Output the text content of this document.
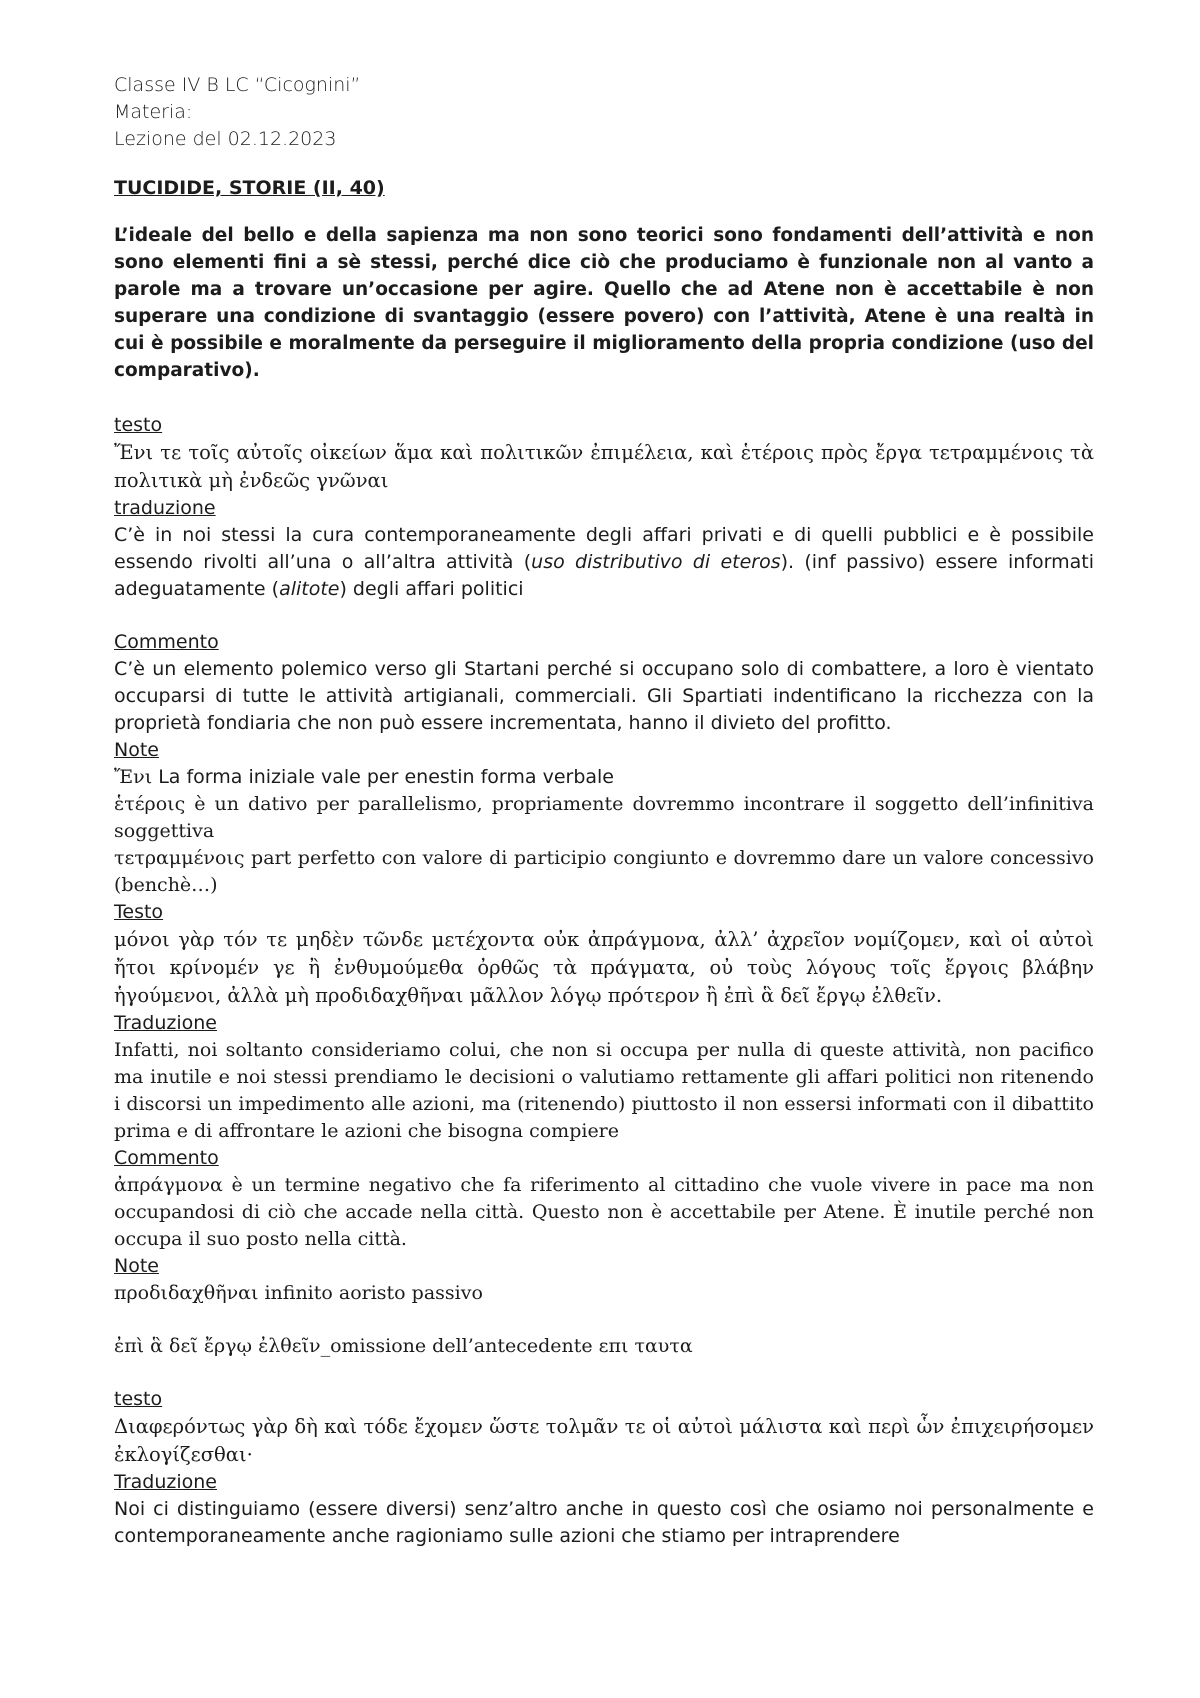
Classe IV B LC “Cicognini”

Materia:

Lezione del 02.12.2023

TUCIDIDE, STORIE (II, 40)

L’ideale del bello e della sapienza ma non sono teorici sono fondamenti dell’attività e non sono elementi fini a sè stessi, perché dice ciò che produciamo è funzionale non al vanto a parole ma a trovare un’occasione per agire. Quello che ad Atene non è accettabile è non superare una condizione di svantaggio (essere povero) con l’attività, Atene è una realtà in cui è possibile e moralmente da perseguire il miglioramento della propria condizione (uso del comparativo).

testo

Ἔνι τε τοῖς αὐτοῖς οἰκείων ἅμα καὶ πολιτικῶν ἐπιμέλεια, καὶ ἑτέροις πρὸς ἔργα τετραμμένοις τὰ πολιτικὰ μὴ ἐνδεῶς γνῶναι

traduzione

C’è in noi stessi la cura contemporaneamente degli affari privati e di quelli pubblici e è possibile essendo rivolti all’una o all’altra attività (uso distributivo di eteros). (inf passivo) essere informati adeguatamente (alitote) degli affari politici

Commento

C’è un elemento polemico verso gli Startani perché si occupano solo di combattere, a loro è vientato occuparsi di tutte le attività artigianali, commerciali. Gli Spartiati indentificano la ricchezza con la proprietà fondiaria che non può essere incrementata, hanno il divieto del profitto.

Note

Ἔνι La forma iniziale vale per enestin forma verbale

ἑτέροις è un dativo per parallelismo, propriamente dovremmo incontrare il soggetto dell’infinitiva soggettiva

τετραμμένοις part perfetto con valore di participio congiunto e dovremmo dare un valore concessivo (benchè…)

Testo

μόνοι γὰρ τόν τε μηδὲν τῶνδε μετέχοντα οὐκ ἀπράγμονα, ἀλλ’ ἀχρεῖον νομίζομεν, καὶ οἱ αὐτοὶ ἤτοι κρίνομέν γε ἢ ἐνθυμούμεθα ὀρθῶς τὰ πράγματα, οὐ τοὺς λόγους τοῖς ἔργοις βλάβην ἡγούμενοι, ἀλλὰ μὴ προδιδαχθῆναι μᾶλλον λόγῳ πρότερον ἢ ἐπὶ ἃ δεῖ ἔργῳ ἐλθεῖν.

Traduzione

Infatti, noi soltanto consideriamo colui, che non si occupa per nulla di queste attività, non pacifico ma inutile e noi stessi prendiamo le decisioni o valutiamo rettamente gli affari politici non ritenendo i discorsi un impedimento alle azioni, ma (ritenendo) piuttosto il non essersi informati con il dibattito prima e di affrontare le azioni che bisogna compiere

Commento

ἀπράγμονα è un termine negativo che fa riferimento al cittadino che vuole vivere in pace ma non occupandosi di ciò che accade nella città. Questo non è accettabile per Atene. È inutile perché non occupa il suo posto nella città.

Note

προδιδαχθῆναι infinito aoristo passivo

ἐπὶ ἃ δεῖ ἔργῳ ἐλθεῖν_omissione dell’antecedente επι ταυτα

testo

Διαφερόντως γὰρ δὴ καὶ τόδε ἔχομεν ὥστε τολμᾶν τε οἱ αὐτοὶ μάλιστα καὶ περὶ ὧν ἐπιχειρήσομεν ἐκλογίζεσθαι·

Traduzione

Noi ci distinguiamo (essere diversi) senz’altro anche in questo così che osiamo noi personalmente e contemporaneamente anche ragioniamo sulle azioni che stiamo per intraprendere
